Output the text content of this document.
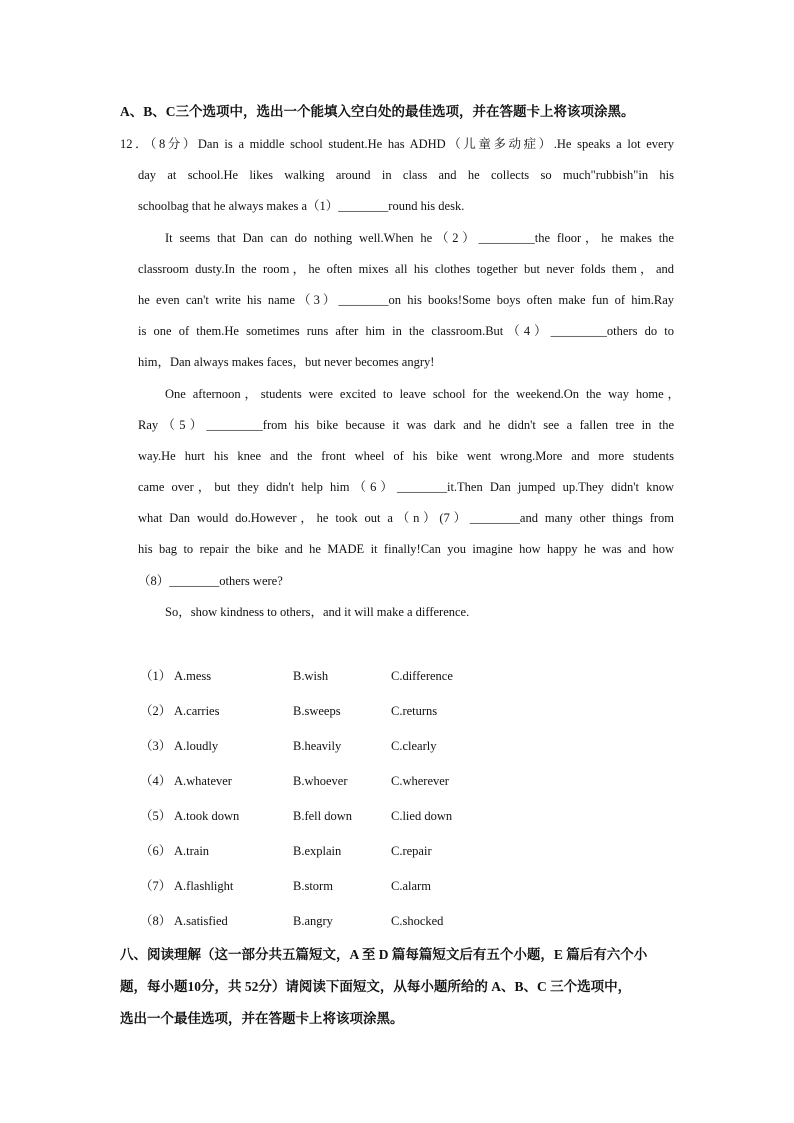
A、B、C三个选项中，选出一个能填入空白处的最佳选项，并在答题卡上将该项涂黑。
12．（8分）Dan is a middle school student.He has ADHD（儿童多动症）.He speaks a lot every
day at school.He likes walking around in class and he collects so much"rubbish"in his
schoolbag that he always makes a（1）________round his desk.
It seems that Dan can do nothing well.When he（2）_________the floor，he makes the
classroom dusty.In the room，he often mixes all his clothes together but never folds them，and
he even can't write his name（3）________on his books!Some boys often make fun of him.Ray
is one of them.He sometimes runs after him in the classroom.But（4）_________others do to
him，Dan always makes faces，but never becomes angry!
One afternoon，students were excited to leave school for the weekend.On the way home，
Ray（5）_________from his bike because it was dark and he didn't see a fallen tree in the
way.He hurt his knee and the front wheel of his bike went wrong.More and more students
came over，but they didn't help him（6）________it.Then Dan jumped up.They didn't know
what Dan would do.However，he took out a（n）(7）________and many other things from
his bag to repair the bike and he MADE it finally!Can you imagine how happy he was and how
（8）________others were?
So，show kindness to others，and it will make a difference.
（1） A.mess	B.wish	C.difference
（2） A.carries	B.sweeps	C.returns
（3） A.loudly	B.heavily	C.clearly
（4） A.whatever	B.whoever	C.wherever
（5） A.took down	B.fell down	C.lied down
（6） A.train	B.explain	C.repair
（7） A.flashlight	B.storm	C.alarm
（8） A.satisfied	B.angry	C.shocked
八、阅读理解（这一部分共五篇短文，A 至 D 篇每篇短文后有五个小题，E 篇后有六个小
题，每小题10分，共 52分）请阅读下面短文，从每小题所给的 A、B、C 三个选项中，
选出一个最佳选项，并在答题卡上将该项涂黑。
